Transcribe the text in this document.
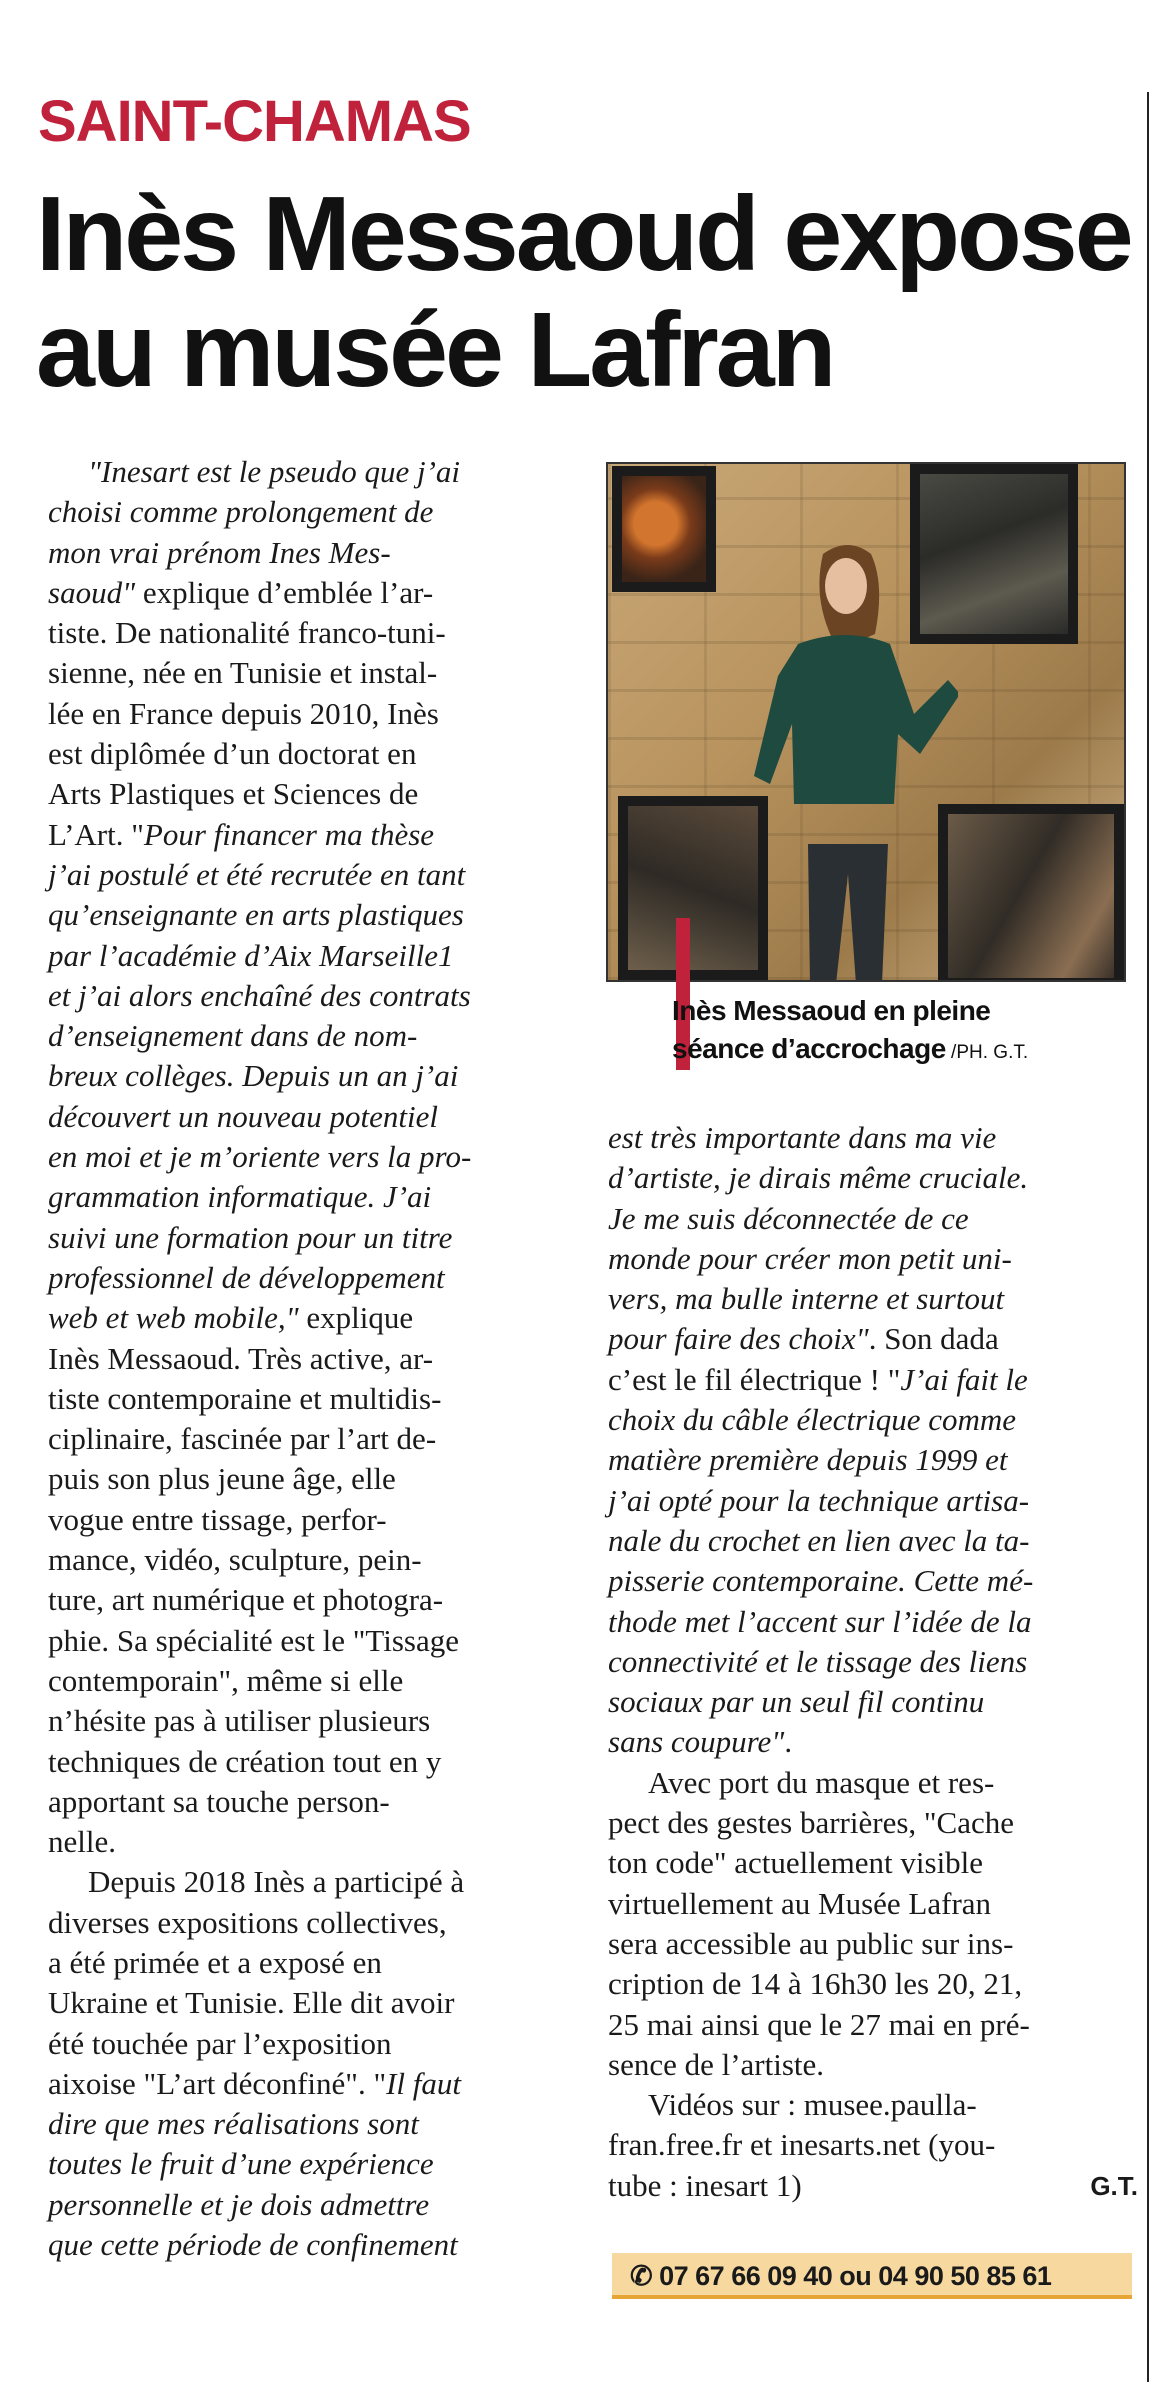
SAINT-CHAMAS
Inès Messaoud expose
au musée Lafran
"Inesart est le pseudo que j’ai
choisi comme prolongement de
mon vrai prénom Ines Mes-
saoud" explique d’emblée l’ar-
tiste. De nationalité franco-tuni-
sienne, née en Tunisie et instal-
lée en France depuis 2010, Inès
est diplômée d’un doctorat en
Arts Plastiques et Sciences de
L’Art. "Pour financer ma thèse
j’ai postulé et été recrutée en tant
qu’enseignante en arts plastiques
par l’académie d’Aix Marseille1
et j’ai alors enchaîné des contrats
d’enseignement dans de nom-
breux collèges. Depuis un an j’ai
découvert un nouveau potentiel
en moi et je m’oriente vers la pro-
grammation informatique. J’ai
suivi une formation pour un titre
professionnel de développement
web et web mobile," explique
Inès Messaoud. Très active, ar-
tiste contemporaine et multidis-
ciplinaire, fascinée par l’art de-
puis son plus jeune âge, elle
vogue entre tissage, perfor-
mance, vidéo, sculpture, pein-
ture, art numérique et photogra-
phie. Sa spécialité est le "Tissage
contemporain", même si elle
n’hésite pas à utiliser plusieurs
techniques de création tout en y
apportant sa touche person-
nelle.
Depuis 2018 Inès a participé à
diverses expositions collectives,
a été primée et a exposé en
Ukraine et Tunisie. Elle dit avoir
été touchée par l’exposition
aixoise "L’art déconfiné". "Il faut
dire que mes réalisations sont
toutes le fruit d’une expérience
personnelle et je dois admettre
que cette période de confinement
Inès Messaoud en pleine
séance d’accrochage /PH. G.T.
est très importante dans ma vie
d’artiste, je dirais même cruciale.
Je me suis déconnectée de ce
monde pour créer mon petit uni-
vers, ma bulle interne et surtout
pour faire des choix". Son dada
c’est le fil électrique ! "J’ai fait le
choix du câble électrique comme
matière première depuis 1999 et
j’ai opté pour la technique artisa-
nale du crochet en lien avec la ta-
pisserie contemporaine. Cette mé-
thode met l’accent sur l’idée de la
connectivité et le tissage des liens
sociaux par un seul fil continu
sans coupure".
Avec port du masque et res-
pect des gestes barrières, "Cache
ton code" actuellement visible
virtuellement au Musée Lafran
sera accessible au public sur ins-
cription de 14 à 16h30 les 20, 21,
25 mai ainsi que le 27 mai en pré-
sence de l’artiste.
Vidéos sur : musee.paulla-
fran.free.fr et inesarts.net (you-
tube : inesart 1)	G.T.
✆ 07 67 66 09 40 ou 04 90 50 85 61
